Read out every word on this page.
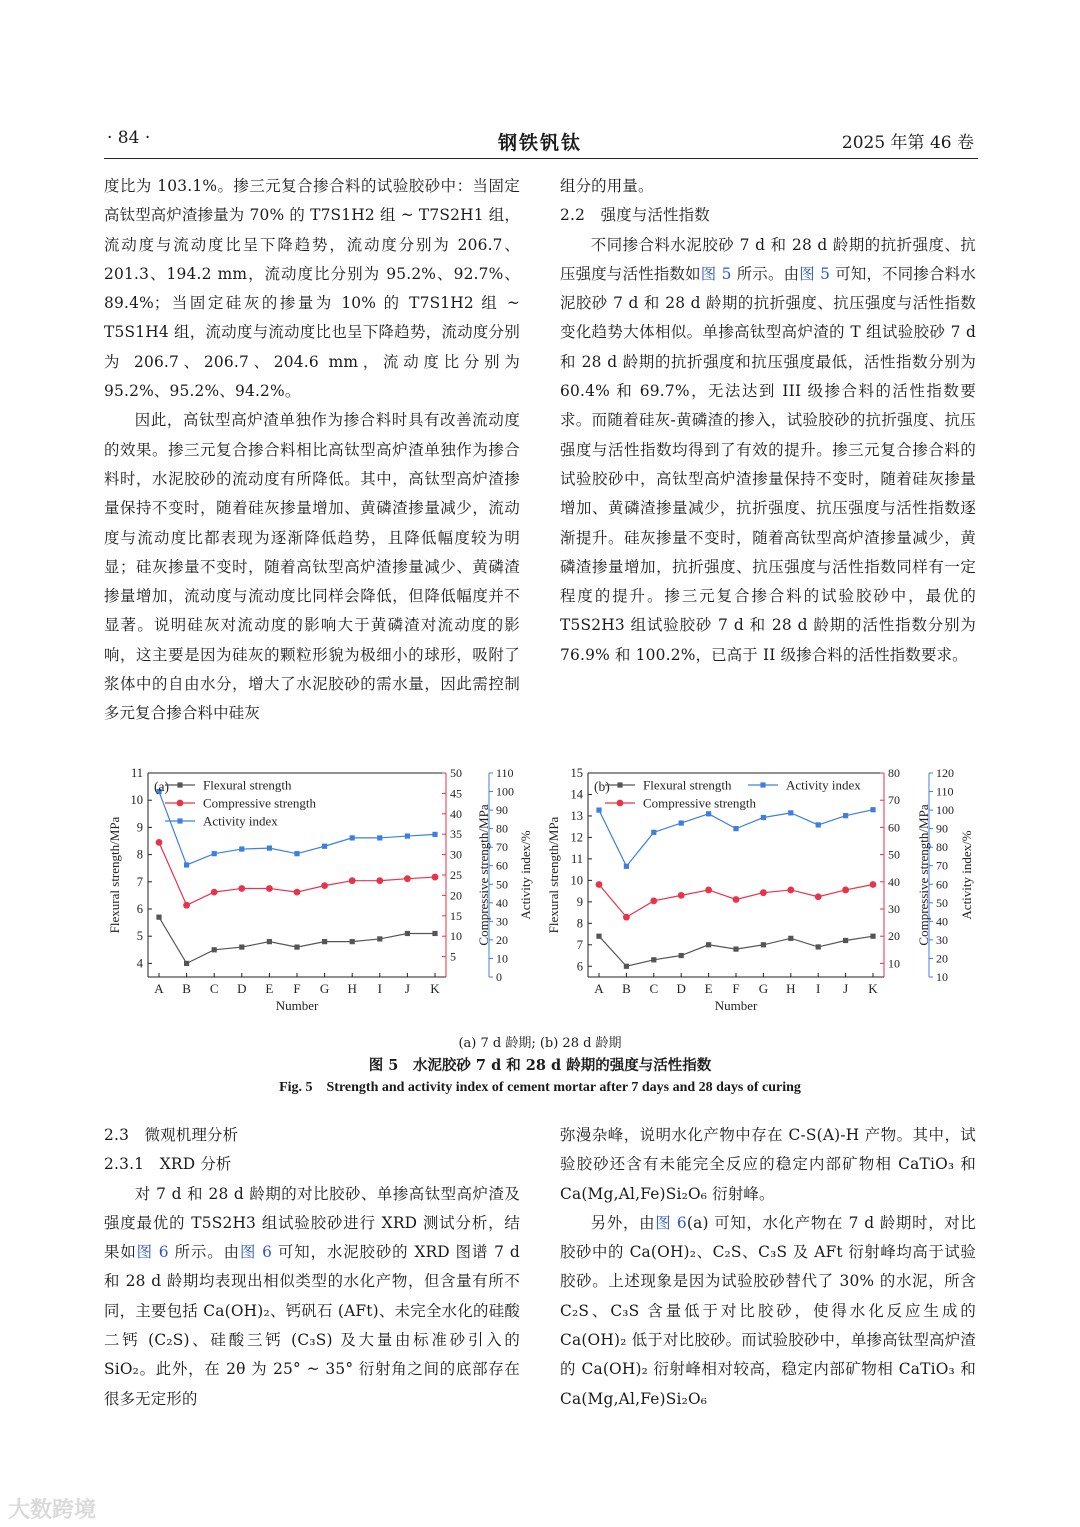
· 84 ·	钢铁钒钛	2025 年第 46 卷

度比为 103.1%。掺三元复合掺合料的试验胶砂中：当固定高钛型高炉渣掺量为 70% 的 T7S1H2 组 ~ T7S2H1 组，流动度与流动度比呈下降趋势，流动度分别为 206.7、201.3、194.2 mm，流动度比分别为 95.2%、92.7%、89.4%；当固定硅灰的掺量为 10% 的 T7S1H2 组 ~ T5S1H4 组，流动度与流动度比也呈下降趋势，流动度分别为 206.7、206.7、204.6 mm，流动度比分别为 95.2%、95.2%、94.2%。

因此，高钛型高炉渣单独作为掺合料时具有改善流动度的效果。掺三元复合掺合料相比高钛型高炉渣单独作为掺合料时，水泥胶砂的流动度有所降低。其中，高钛型高炉渣掺量保持不变时，随着硅灰掺量增加、黄磷渣掺量减少，流动度与流动度比都表现为逐渐降低趋势，且降低幅度较为明显；硅灰掺量不变时，随着高钛型高炉渣掺量减少、黄磷渣掺量增加，流动度与流动度比同样会降低，但降低幅度并不显著。说明硅灰对流动度的影响大于黄磷渣对流动度的影响，这主要是因为硅灰的颗粒形貌为极细小的球形，吸附了浆体中的自由水分，增大了水泥胶砂的需水量，因此需控制多元复合掺合料中硅灰

组分的用量。

2.2　强度与活性指数

不同掺合料水泥胶砂 7 d 和 28 d 龄期的抗折强度、抗压强度与活性指数如图 5 所示。由图 5 可知，不同掺合料水泥胶砂 7 d 和 28 d 龄期的抗折强度、抗压强度与活性指数变化趋势大体相似。单掺高钛型高炉渣的 T 组试验胶砂 7 d 和 28 d 龄期的抗折强度和抗压强度最低，活性指数分别为 60.4% 和 69.7%，无法达到 III 级掺合料的活性指数要求。而随着硅灰-黄磷渣的掺入，试验胶砂的抗折强度、抗压强度与活性指数均得到了有效的提升。掺三元复合掺合料的试验胶砂中，高钛型高炉渣掺量保持不变时，随着硅灰掺量增加、黄磷渣掺量减少，抗折强度、抗压强度与活性指数逐渐提升。硅灰掺量不变时，随着高钛型高炉渣掺量减少，黄磷渣掺量增加，抗折强度、抗压强度与活性指数同样有一定程度的提升。掺三元复合掺合料的试验胶砂中，最优的 T5S2H3 组试验胶砂 7 d 和 28 d 龄期的活性指数分别为 76.9% 和 100.2%，已高于 II 级掺合料的活性指数要求。

4
5
6
7
8
9
10
11
5
10
15
20
25
30
35
40
45
50
0
10
20
30
40
50
60
70
80
90
100
110
A B C D E F G H I J K
Number
Flexural strength/MPa	Compressive strength/MPa Activity index/%
(a)	Flexural strength
Compressive strength
Activity index
6
7
8
9
10
11
12
13
14
15
10
20
30
40
50
60
70
80
10
20
30
40
50
60
70
80
90
100
110
120
A B C D E F G H I J K
Number
Flexural strength/MPa	Compressive strength/MPa Activity index/%
(b)	Flexural strength
Compressive strength
Activity index
(a) 7 d 龄期; (b) 28 d 龄期
图 5　水泥胶砂 7 d 和 28 d 龄期的强度与活性指数
Fig. 5　Strength and activity index of cement mortar after 7 days and 28 days of curing

2.3　微观机理分析

2.3.1　XRD 分析

对 7 d 和 28 d 龄期的对比胶砂、单掺高钛型高炉渣及强度最优的 T5S2H3 组试验胶砂进行 XRD 测试分析，结果如图 6 所示。由图 6 可知，水泥胶砂的 XRD 图谱 7 d 和 28 d 龄期均表现出相似类型的水化产物，但含量有所不同，主要包括 Ca(OH)₂、钙矾石 (AFt)、未完全水化的硅酸二钙 (C₂S)、硅酸三钙 (C₃S) 及大量由标准砂引入的 SiO₂。此外，在 2θ 为 25° ~ 35° 衍射角之间的底部存在很多无定形的

弥漫杂峰，说明水化产物中存在 C-S(A)-H 产物。其中，试验胶砂还含有未能完全反应的稳定内部矿物相 CaTiO₃ 和 Ca(Mg,Al,Fe)Si₂O₆ 衍射峰。

另外，由图 6(a) 可知，水化产物在 7 d 龄期时，对比胶砂中的 Ca(OH)₂、C₂S、C₃S 及 AFt 衍射峰均高于试验胶砂。上述现象是因为试验胶砂替代了 30% 的水泥，所含 C₂S、C₃S 含量低于对比胶砂，使得水化反应生成的 Ca(OH)₂ 低于对比胶砂。而试验胶砂中，单掺高钛型高炉渣的 Ca(OH)₂ 衍射峰相对较高，稳定内部矿物相 CaTiO₃ 和 Ca(Mg,Al,Fe)Si₂O₆

大数跨境
